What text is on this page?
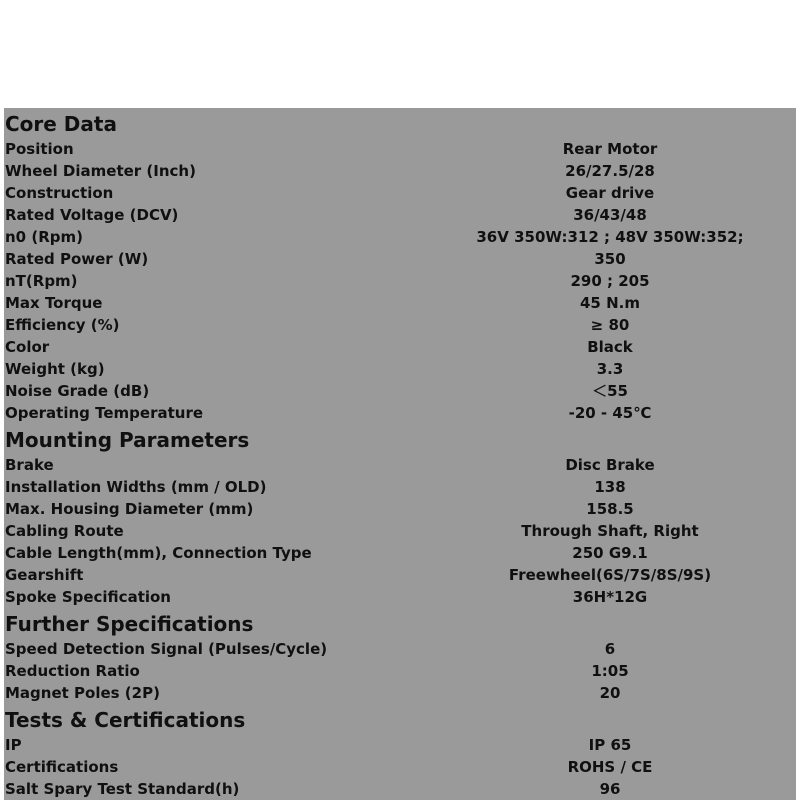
Core Data
Position	Rear Motor
Wheel Diameter (Inch)	26/27.5/28
Construction	Gear drive
Rated Voltage (DCV)	36/43/48
n0 (Rpm)	36V 350W:312 ; 48V 350W:352;
Rated Power (W)	350
nT(Rpm)	290 ; 205
Max Torque	45 N.m
Efficiency (%)	≥ 80
Color	Black
Weight (kg)	3.3
Noise Grade (dB)	＜55
Operating Temperature	-20 - 45℃
Mounting Parameters
Brake	Disc Brake
Installation Widths (mm / OLD)	138
Max. Housing Diameter (mm)	158.5
Cabling Route	Through Shaft, Right
Cable Length(mm), Connection Type	250 G9.1
Gearshift	Freewheel(6S/7S/8S/9S)
Spoke Specification	36H*12G
Further Specifications
Speed Detection Signal (Pulses/Cycle)	6
Reduction Ratio	1:05
Magnet Poles (2P)	20
Tests & Certifications
IP	IP 65
Certifications	ROHS / CE
Salt Spary Test Standard(h)	96
